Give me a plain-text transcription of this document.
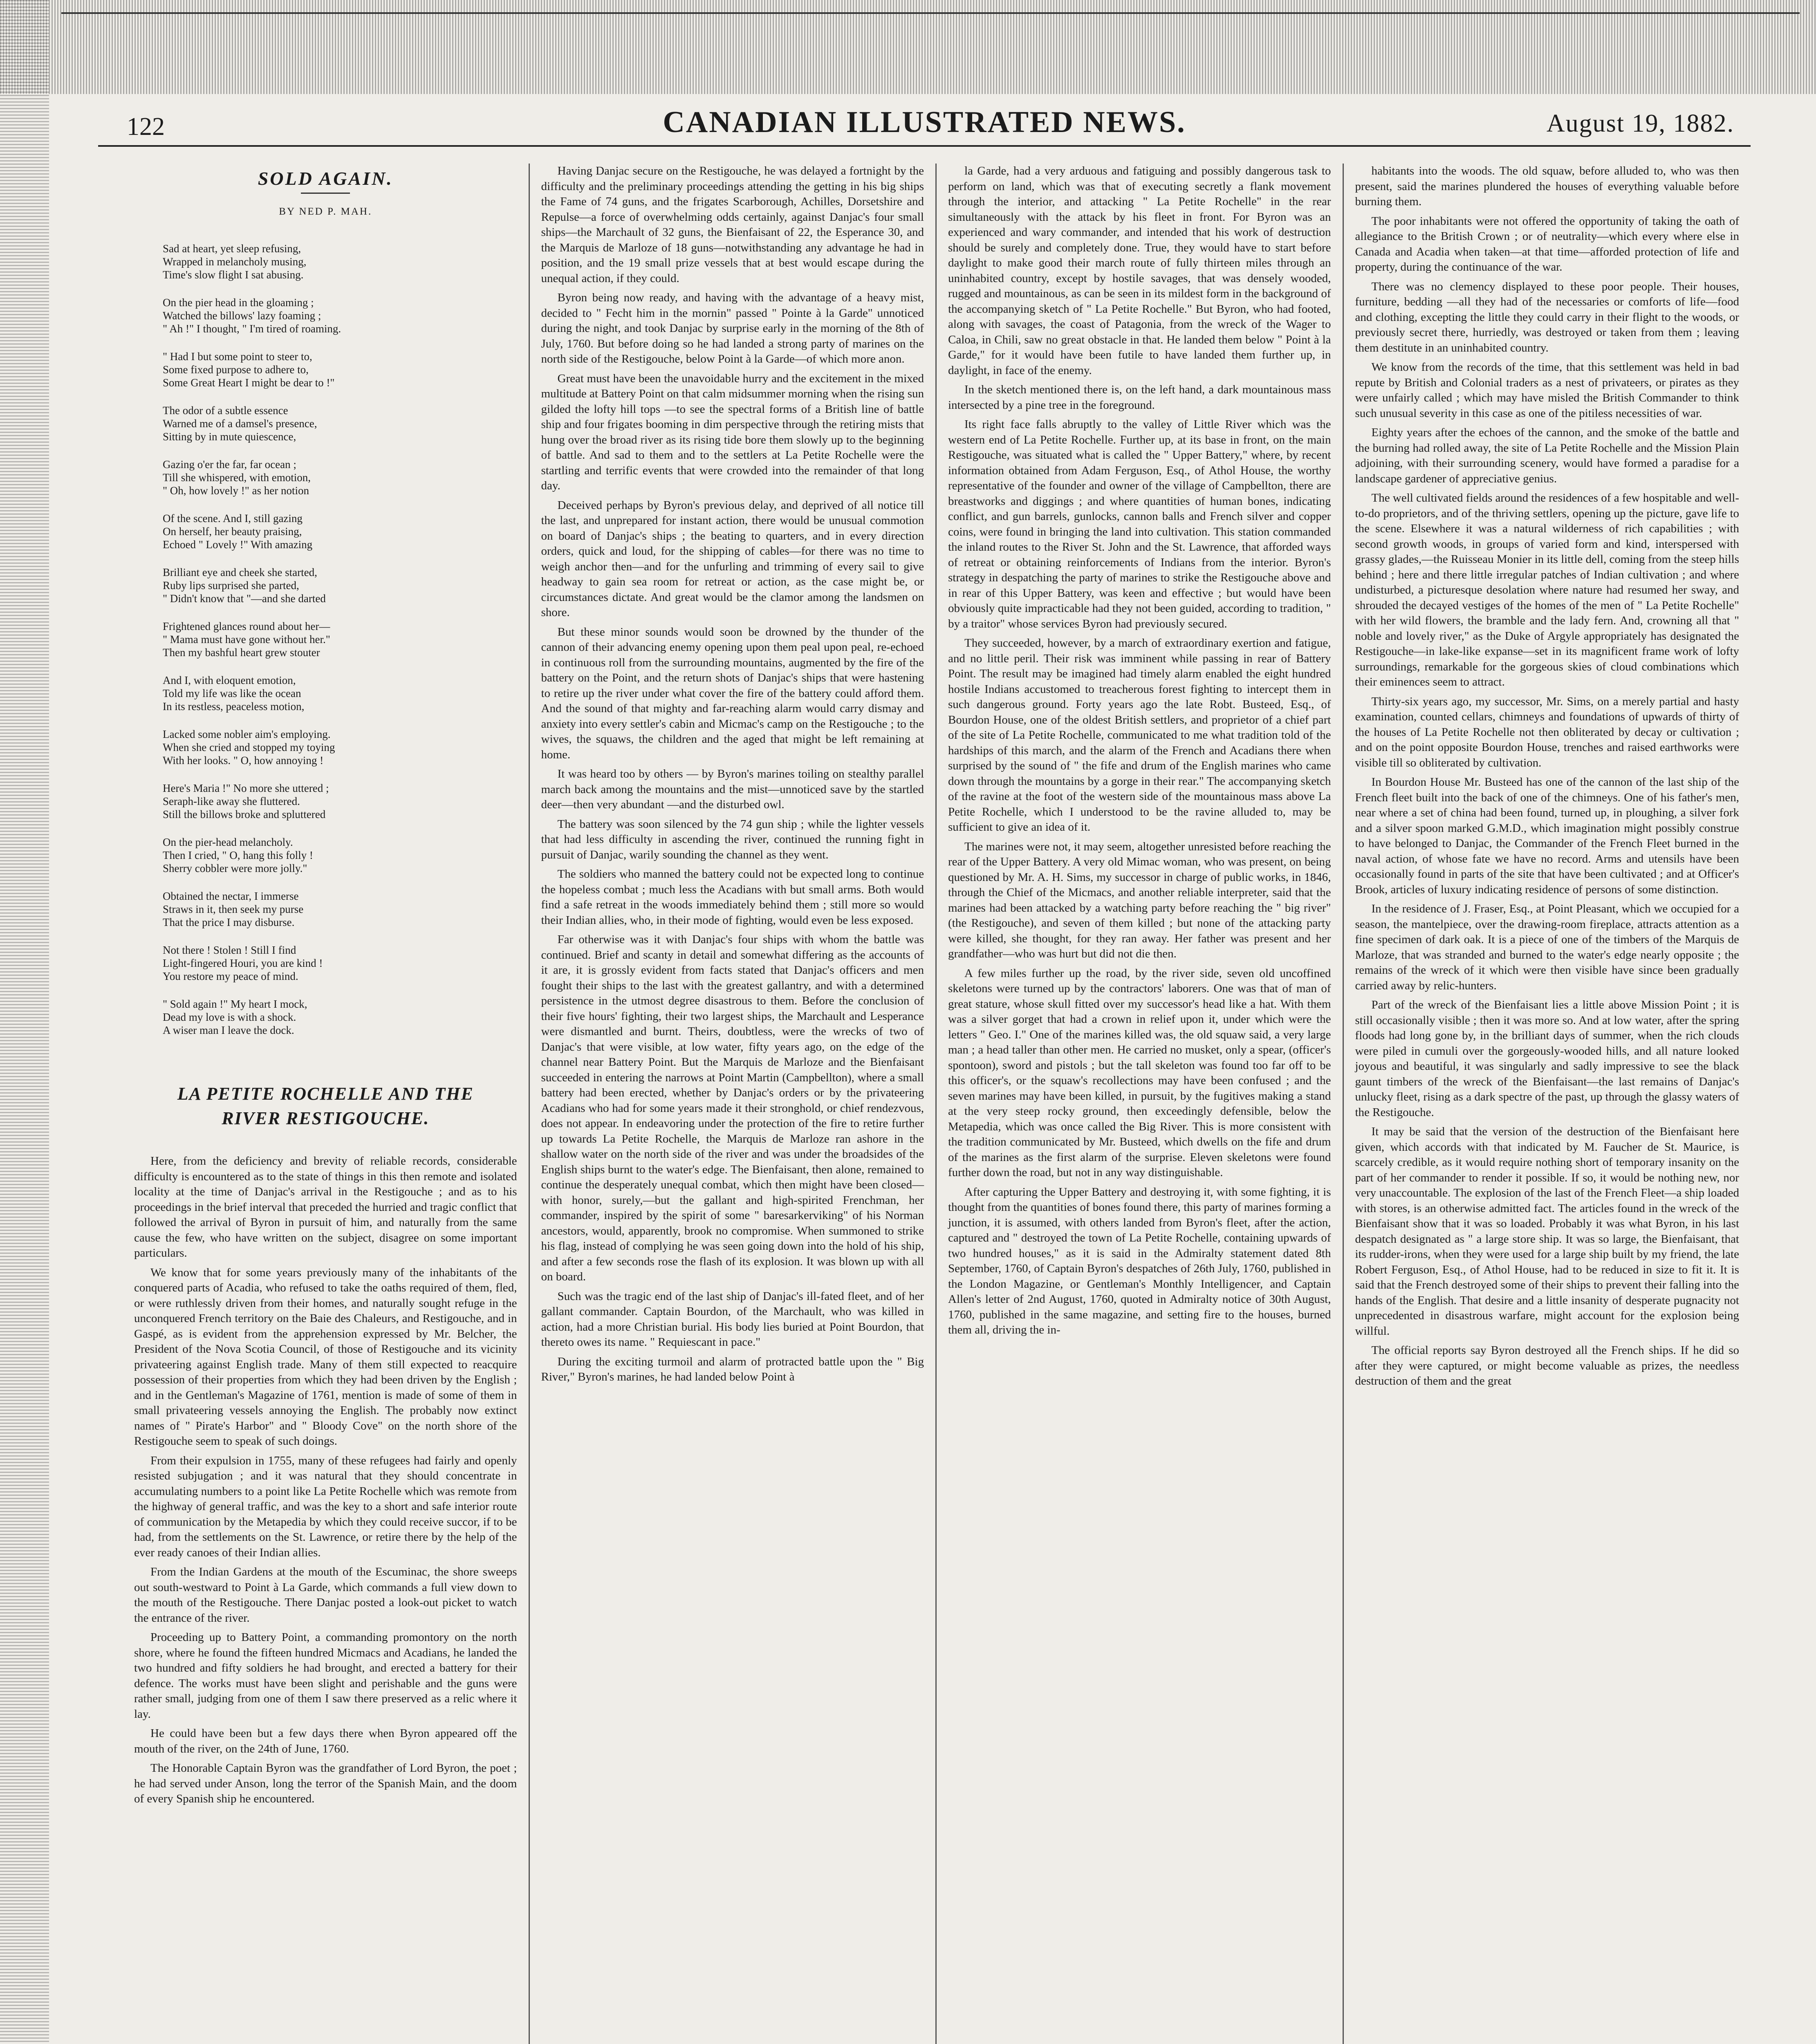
122	CANADIAN ILLUSTRATED NEWS.	August 19, 1882.
SOLD AGAIN.
BY NED P. MAH.
Sad at heart, yet sleep refusing,
Wrapped in melancholy musing,
Time's slow flight I sat abusing.
On the pier head in the gloaming ;
Watched the billows' lazy foaming ;
" Ah !" I thought, " I'm tired of roaming.
" Had I but some point to steer to,
Some fixed purpose to adhere to,
Some Great Heart I might be dear to !"
The odor of a subtle essence
Warned me of a damsel's presence,
Sitting by in mute quiescence,
Gazing o'er the far, far ocean ;
Till she whispered, with emotion,
" Oh, how lovely !" as her notion
Of the scene. And I, still gazing
On herself, her beauty praising,
Echoed " Lovely !" With amazing
Brilliant eye and cheek she started,
Ruby lips surprised she parted,
" Didn't know that "—and she darted
Frightened glances round about her—
" Mama must have gone without her."
Then my bashful heart grew stouter
And I, with eloquent emotion,
Told my life was like the ocean
In its restless, peaceless motion,
Lacked some nobler aim's employing.
When she cried and stopped my toying
With her looks. " O, how annoying !
Here's Maria !" No more she uttered ;
Seraph-like away she fluttered.
Still the billows broke and spluttered
On the pier-head melancholy.
Then I cried, " O, hang this folly !
Sherry cobbler were more jolly."
Obtained the nectar, I immerse
Straws in it, then seek my purse
That the price I may disburse.
Not there ! Stolen ! Still I find
Light-fingered Houri, you are kind !
You restore my peace of mind.
" Sold again !" My heart I mock,
Dead my love is with a shock.
A wiser man I leave the dock.
LA PETITE ROCHELLE AND THE
RIVER RESTIGOUCHE.

Here, from the deficiency and brevity of reliable records, considerable difficulty is encountered as to the state of things in this then remote and isolated locality at the time of Danjac's arrival in the Restigouche ; and as to his proceedings in the brief interval that preceded the hurried and tragic conflict that followed the arrival of Byron in pursuit of him, and naturally from the same cause the few, who have written on the subject, disagree on some important particulars.

We know that for some years previously many of the inhabitants of the conquered parts of Acadia, who refused to take the oaths required of them, fled, or were ruthlessly driven from their homes, and naturally sought refuge in the unconquered French territory on the Baie des Chaleurs, and Restigouche, and in Gaspé, as is evident from the apprehension expressed by Mr. Belcher, the President of the Nova Scotia Council, of those of Restigouche and its vicinity privateering against English trade. Many of them still expected to reacquire possession of their properties from which they had been driven by the English ; and in the Gentleman's Magazine of 1761, mention is made of some of them in small privateering vessels annoying the English. The probably now extinct names of " Pirate's Harbor" and " Bloody Cove" on the north shore of the Restigouche seem to speak of such doings.

From their expulsion in 1755, many of these refugees had fairly and openly resisted subjugation ; and it was natural that they should concentrate in accumulating numbers to a point like La Petite Rochelle which was remote from the highway of general traffic, and was the key to a short and safe interior route of communication by the Metapedia by which they could receive succor, if to be had, from the settlements on the St. Lawrence, or retire there by the help of the ever ready canoes of their Indian allies.

From the Indian Gardens at the mouth of the Escuminac, the shore sweeps out south-westward to Point à La Garde, which commands a full view down to the mouth of the Restigouche. There Danjac posted a look-out picket to watch the entrance of the river.

Proceeding up to Battery Point, a commanding promontory on the north shore, where he found the fifteen hundred Micmacs and Acadians, he landed the two hundred and fifty soldiers he had brought, and erected a battery for their defence. The works must have been slight and perishable and the guns were rather small, judging from one of them I saw there preserved as a relic where it lay.

He could have been but a few days there when Byron appeared off the mouth of the river, on the 24th of June, 1760.

The Honorable Captain Byron was the grandfather of Lord Byron, the poet ; he had served under Anson, long the terror of the Spanish Main, and the doom of every Spanish ship he encountered.

Having Danjac secure on the Restigouche, he was delayed a fortnight by the difficulty and the preliminary proceedings attending the getting in his big ships the Fame of 74 guns, and the frigates Scarborough, Achilles, Dorsetshire and Repulse—a force of overwhelming odds certainly, against Danjac's four small ships—the Marchault of 32 guns, the Bienfaisant of 22, the Esperance 30, and the Marquis de Marloze of 18 guns—notwithstanding any advantage he had in position, and the 19 small prize vessels that at best would escape during the unequal action, if they could.

Byron being now ready, and having with the advantage of a heavy mist, decided to " Fecht him in the mornin" passed " Pointe à la Garde" unnoticed during the night, and took Danjac by surprise early in the morning of the 8th of July, 1760. But before doing so he had landed a strong party of marines on the north side of the Restigouche, below Point à la Garde—of which more anon.

Great must have been the unavoidable hurry and the excitement in the mixed multitude at Battery Point on that calm midsummer morning when the rising sun gilded the lofty hill tops —to see the spectral forms of a British line of battle ship and four frigates booming in dim perspective through the retiring mists that hung over the broad river as its rising tide bore them slowly up to the beginning of battle. And sad to them and to the settlers at La Petite Rochelle were the startling and terrific events that were crowded into the remainder of that long day.

Deceived perhaps by Byron's previous delay, and deprived of all notice till the last, and unprepared for instant action, there would be unusual commotion on board of Danjac's ships ; the beating to quarters, and in every direction orders, quick and loud, for the shipping of cables—for there was no time to weigh anchor then—and for the unfurling and trimming of every sail to give headway to gain sea room for retreat or action, as the case might be, or circumstances dictate. And great would be the clamor among the landsmen on shore.

But these minor sounds would soon be drowned by the thunder of the cannon of their advancing enemy opening upon them peal upon peal, re-echoed in continuous roll from the surrounding mountains, augmented by the fire of the battery on the Point, and the return shots of Danjac's ships that were hastening to retire up the river under what cover the fire of the battery could afford them. And the sound of that mighty and far-reaching alarm would carry dismay and anxiety into every settler's cabin and Micmac's camp on the Restigouche ; to the wives, the squaws, the children and the aged that might be left remaining at home.

It was heard too by others — by Byron's marines toiling on stealthy parallel march back among the mountains and the mist—unnoticed save by the startled deer—then very abundant —and the disturbed owl.

The battery was soon silenced by the 74 gun ship ; while the lighter vessels that had less difficulty in ascending the river, continued the running fight in pursuit of Danjac, warily sounding the channel as they went.

The soldiers who manned the battery could not be expected long to continue the hopeless combat ; much less the Acadians with but small arms. Both would find a safe retreat in the woods immediately behind them ; still more so would their Indian allies, who, in their mode of fighting, would even be less exposed.

Far otherwise was it with Danjac's four ships with whom the battle was continued. Brief and scanty in detail and somewhat differing as the accounts of it are, it is grossly evident from facts stated that Danjac's officers and men fought their ships to the last with the greatest gallantry, and with a determined persistence in the utmost degree disastrous to them. Before the conclusion of their five hours' fighting, their two largest ships, the Marchault and Lesperance were dismantled and burnt. Theirs, doubtless, were the wrecks of two of Danjac's that were visible, at low water, fifty years ago, on the edge of the channel near Battery Point. But the Marquis de Marloze and the Bienfaisant succeeded in entering the narrows at Point Martin (Campbellton), where a small battery had been erected, whether by Danjac's orders or by the privateering Acadians who had for some years made it their stronghold, or chief rendezvous, does not appear. In endeavoring under the protection of the fire to retire further up towards La Petite Rochelle, the Marquis de Marloze ran ashore in the shallow water on the north side of the river and was under the broadsides of the English ships burnt to the water's edge. The Bienfaisant, then alone, remained to continue the desperately unequal combat, which then might have been closed—with honor, surely,—but the gallant and high-spirited Frenchman, her commander, inspired by the spirit of some " baresarkerviking" of his Norman ancestors, would, apparently, brook no compromise. When summoned to strike his flag, instead of complying he was seen going down into the hold of his ship, and after a few seconds rose the flash of its explosion. It was blown up with all on board.

Such was the tragic end of the last ship of Danjac's ill-fated fleet, and of her gallant commander. Captain Bourdon, of the Marchault, who was killed in action, had a more Christian burial. His body lies buried at Point Bourdon, that thereto owes its name. " Requiescant in pace."

During the exciting turmoil and alarm of protracted battle upon the " Big River," Byron's marines, he had landed below Point à

la Garde, had a very arduous and fatiguing and possibly dangerous task to perform on land, which was that of executing secretly a flank movement through the interior, and attacking " La Petite Rochelle" in the rear simultaneously with the attack by his fleet in front. For Byron was an experienced and wary commander, and intended that his work of destruction should be surely and completely done. True, they would have to start before daylight to make good their march route of fully thirteen miles through an uninhabited country, except by hostile savages, that was densely wooded, rugged and mountainous, as can be seen in its mildest form in the background of the accompanying sketch of " La Petite Rochelle." But Byron, who had footed, along with savages, the coast of Patagonia, from the wreck of the Wager to Caloa, in Chili, saw no great obstacle in that. He landed them below " Point à la Garde," for it would have been futile to have landed them further up, in daylight, in face of the enemy.

In the sketch mentioned there is, on the left hand, a dark mountainous mass intersected by a pine tree in the foreground.

Its right face falls abruptly to the valley of Little River which was the western end of La Petite Rochelle. Further up, at its base in front, on the main Restigouche, was situated what is called the " Upper Battery," where, by recent information obtained from Adam Ferguson, Esq., of Athol House, the worthy representative of the founder and owner of the village of Campbellton, there are breastworks and diggings ; and where quantities of human bones, indicating conflict, and gun barrels, gunlocks, cannon balls and French silver and copper coins, were found in bringing the land into cultivation. This station commanded the inland routes to the River St. John and the St. Lawrence, that afforded ways of retreat or obtaining reinforcements of Indians from the interior. Byron's strategy in despatching the party of marines to strike the Restigouche above and in rear of this Upper Battery, was keen and effective ; but would have been obviously quite impracticable had they not been guided, according to tradition, " by a traitor" whose services Byron had previously secured.

They succeeded, however, by a march of extraordinary exertion and fatigue, and no little peril. Their risk was imminent while passing in rear of Battery Point. The result may be imagined had timely alarm enabled the eight hundred hostile Indians accustomed to treacherous forest fighting to intercept them in such dangerous ground. Forty years ago the late Robt. Busteed, Esq., of Bourdon House, one of the oldest British settlers, and proprietor of a chief part of the site of La Petite Rochelle, communicated to me what tradition told of the hardships of this march, and the alarm of the French and Acadians there when surprised by the sound of " the fife and drum of the English marines who came down through the mountains by a gorge in their rear." The accompanying sketch of the ravine at the foot of the western side of the mountainous mass above La Petite Rochelle, which I understood to be the ravine alluded to, may be sufficient to give an idea of it.

The marines were not, it may seem, altogether unresisted before reaching the rear of the Upper Battery. A very old Mimac woman, who was present, on being questioned by Mr. A. H. Sims, my successor in charge of public works, in 1846, through the Chief of the Micmacs, and another reliable interpreter, said that the marines had been attacked by a watching party before reaching the " big river" (the Restigouche), and seven of them killed ; but none of the attacking party were killed, she thought, for they ran away. Her father was present and her grandfather—who was hurt but did not die then.

A few miles further up the road, by the river side, seven old uncoffined skeletons were turned up by the contractors' laborers. One was that of man of great stature, whose skull fitted over my successor's head like a hat. With them was a silver gorget that had a crown in relief upon it, under which were the letters " Geo. I." One of the marines killed was, the old squaw said, a very large man ; a head taller than other men. He carried no musket, only a spear, (officer's spontoon), sword and pistols ; but the tall skeleton was found too far off to be this officer's, or the squaw's recollections may have been confused ; and the seven marines may have been killed, in pursuit, by the fugitives making a stand at the very steep rocky ground, then exceedingly defensible, below the Metapedia, which was once called the Big River. This is more consistent with the tradition communicated by Mr. Busteed, which dwells on the fife and drum of the marines as the first alarm of the surprise. Eleven skeletons were found further down the road, but not in any way distinguishable.

After capturing the Upper Battery and destroying it, with some fighting, it is thought from the quantities of bones found there, this party of marines forming a junction, it is assumed, with others landed from Byron's fleet, after the action, captured and " destroyed the town of La Petite Rochelle, containing upwards of two hundred houses," as it is said in the Admiralty statement dated 8th September, 1760, of Captain Byron's despatches of 26th July, 1760, published in the London Magazine, or Gentleman's Monthly Intelligencer, and Captain Allen's letter of 2nd August, 1760, quoted in Admiralty notice of 30th August, 1760, published in the same magazine, and setting fire to the houses, burned them all, driving the in-

habitants into the woods. The old squaw, before alluded to, who was then present, said the marines plundered the houses of everything valuable before burning them.

The poor inhabitants were not offered the opportunity of taking the oath of allegiance to the British Crown ; or of neutrality—which every where else in Canada and Acadia when taken—at that time—afforded protection of life and property, during the continuance of the war.

There was no clemency displayed to these poor people. Their houses, furniture, bedding —all they had of the necessaries or comforts of life—food and clothing, excepting the little they could carry in their flight to the woods, or previously secret there, hurriedly, was destroyed or taken from them ; leaving them destitute in an uninhabited country.

We know from the records of the time, that this settlement was held in bad repute by British and Colonial traders as a nest of privateers, or pirates as they were unfairly called ; which may have misled the British Commander to think such unusual severity in this case as one of the pitiless necessities of war.

Eighty years after the echoes of the cannon, and the smoke of the battle and the burning had rolled away, the site of La Petite Rochelle and the Mission Plain adjoining, with their surrounding scenery, would have formed a paradise for a landscape gardener of appreciative genius.

The well cultivated fields around the residences of a few hospitable and well-to-do proprietors, and of the thriving settlers, opening up the picture, gave life to the scene. Elsewhere it was a natural wilderness of rich capabilities ; with second growth woods, in groups of varied form and kind, interspersed with grassy glades,—the Ruisseau Monier in its little dell, coming from the steep hills behind ; here and there little irregular patches of Indian cultivation ; and where undisturbed, a picturesque desolation where nature had resumed her sway, and shrouded the decayed vestiges of the homes of the men of " La Petite Rochelle" with her wild flowers, the bramble and the lady fern. And, crowning all that " noble and lovely river," as the Duke of Argyle appropriately has designated the Restigouche—in lake-like expanse—set in its magnificent frame work of lofty surroundings, remarkable for the gorgeous skies of cloud combinations which their eminences seem to attract.

Thirty-six years ago, my successor, Mr. Sims, on a merely partial and hasty examination, counted cellars, chimneys and foundations of upwards of thirty of the houses of La Petite Rochelle not then obliterated by decay or cultivation ; and on the point opposite Bourdon House, trenches and raised earthworks were visible till so obliterated by cultivation.

In Bourdon House Mr. Busteed has one of the cannon of the last ship of the French fleet built into the back of one of the chimneys. One of his father's men, near where a set of china had been found, turned up, in ploughing, a silver fork and a silver spoon marked G.M.D., which imagination might possibly construe to have belonged to Danjac, the Commander of the French Fleet burned in the naval action, of whose fate we have no record. Arms and utensils have been occasionally found in parts of the site that have been cultivated ; and at Officer's Brook, articles of luxury indicating residence of persons of some distinction.

In the residence of J. Fraser, Esq., at Point Pleasant, which we occupied for a season, the mantelpiece, over the drawing-room fireplace, attracts attention as a fine specimen of dark oak. It is a piece of one of the timbers of the Marquis de Marloze, that was stranded and burned to the water's edge nearly opposite ; the remains of the wreck of it which were then visible have since been gradually carried away by relic-hunters.

Part of the wreck of the Bienfaisant lies a little above Mission Point ; it is still occasionally visible ; then it was more so. And at low water, after the spring floods had long gone by, in the brilliant days of summer, when the rich clouds were piled in cumuli over the gorgeously-wooded hills, and all nature looked joyous and beautiful, it was singularly and sadly impressive to see the black gaunt timbers of the wreck of the Bienfaisant—the last remains of Danjac's unlucky fleet, rising as a dark spectre of the past, up through the glassy waters of the Restigouche.

It may be said that the version of the destruction of the Bienfaisant here given, which accords with that indicated by M. Faucher de St. Maurice, is scarcely credible, as it would require nothing short of temporary insanity on the part of her commander to render it possible. If so, it would be nothing new, nor very unaccountable. The explosion of the last of the French Fleet—a ship loaded with stores, is an otherwise admitted fact. The articles found in the wreck of the Bienfaisant show that it was so loaded. Probably it was what Byron, in his last despatch designated as " a large store ship. It was so large, the Bienfaisant, that its rudder-irons, when they were used for a large ship built by my friend, the late Robert Ferguson, Esq., of Athol House, had to be reduced in size to fit it. It is said that the French destroyed some of their ships to prevent their falling into the hands of the English. That desire and a little insanity of desperate pugnacity not unprecedented in disastrous warfare, might account for the explosion being willful.

The official reports say Byron destroyed all the French ships. If he did so after they were captured, or might become valuable as prizes, the needless destruction of them and the great
